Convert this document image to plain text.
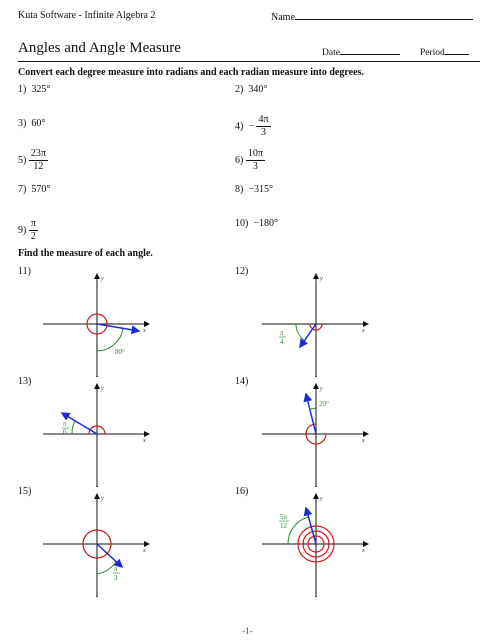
Kuta Software - Infinite Algebra 2	Name
Angles and Angle Measure	Date	Period
Convert each degree measure into radians and each radian measure into degrees.
1) 325°	2) 340°
3) 60°	$4) - \frac{4\pi}{3}$
$5) \frac{23\pi}{12}$	$6) \frac{10\pi}{3}$
7) 570°	8) −315°
$9) \frac{\pi}{2}$	10) −180°
Find the measure of each angle.
11)	12)
13)	14)
15)	16)
y
x
80°
y
x
π
4
y
x
π
6
y
x
20°
y
x
π
3
y
x
5π
12
-1-
